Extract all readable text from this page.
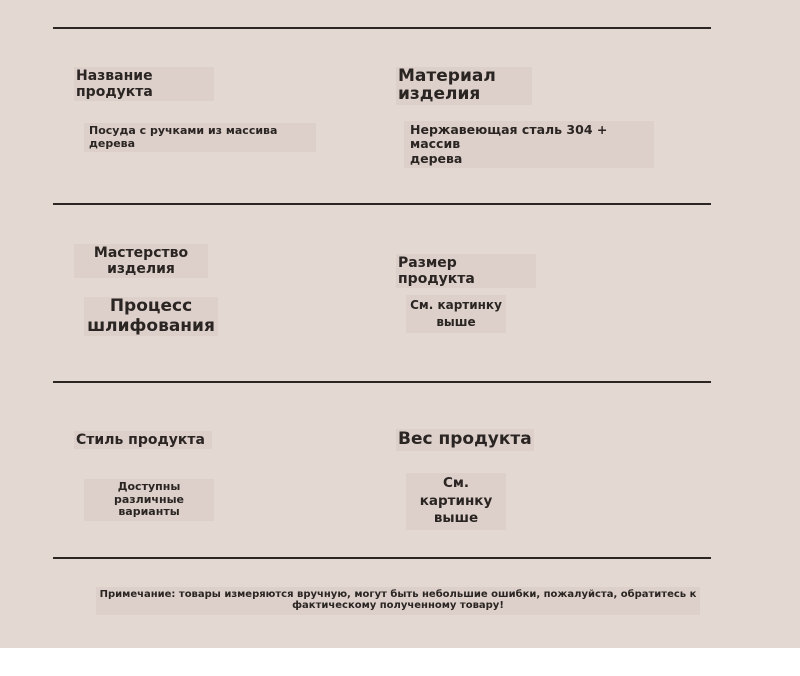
Название
продукта
Посуда с ручками из массива
дерева
Материал
изделия
Нержавеющая сталь 304 + массив
дерева
Мастерство
изделия
Процесс
шлифования
Размер продукта
См. картинку
выше
Стиль продукта
Доступны различные
варианты
Вес продукта
См. картинку
выше
Примечание: товары измеряются вручную, могут быть небольшие ошибки, пожалуйста, обратитесь к
фактическому полученному товару!
